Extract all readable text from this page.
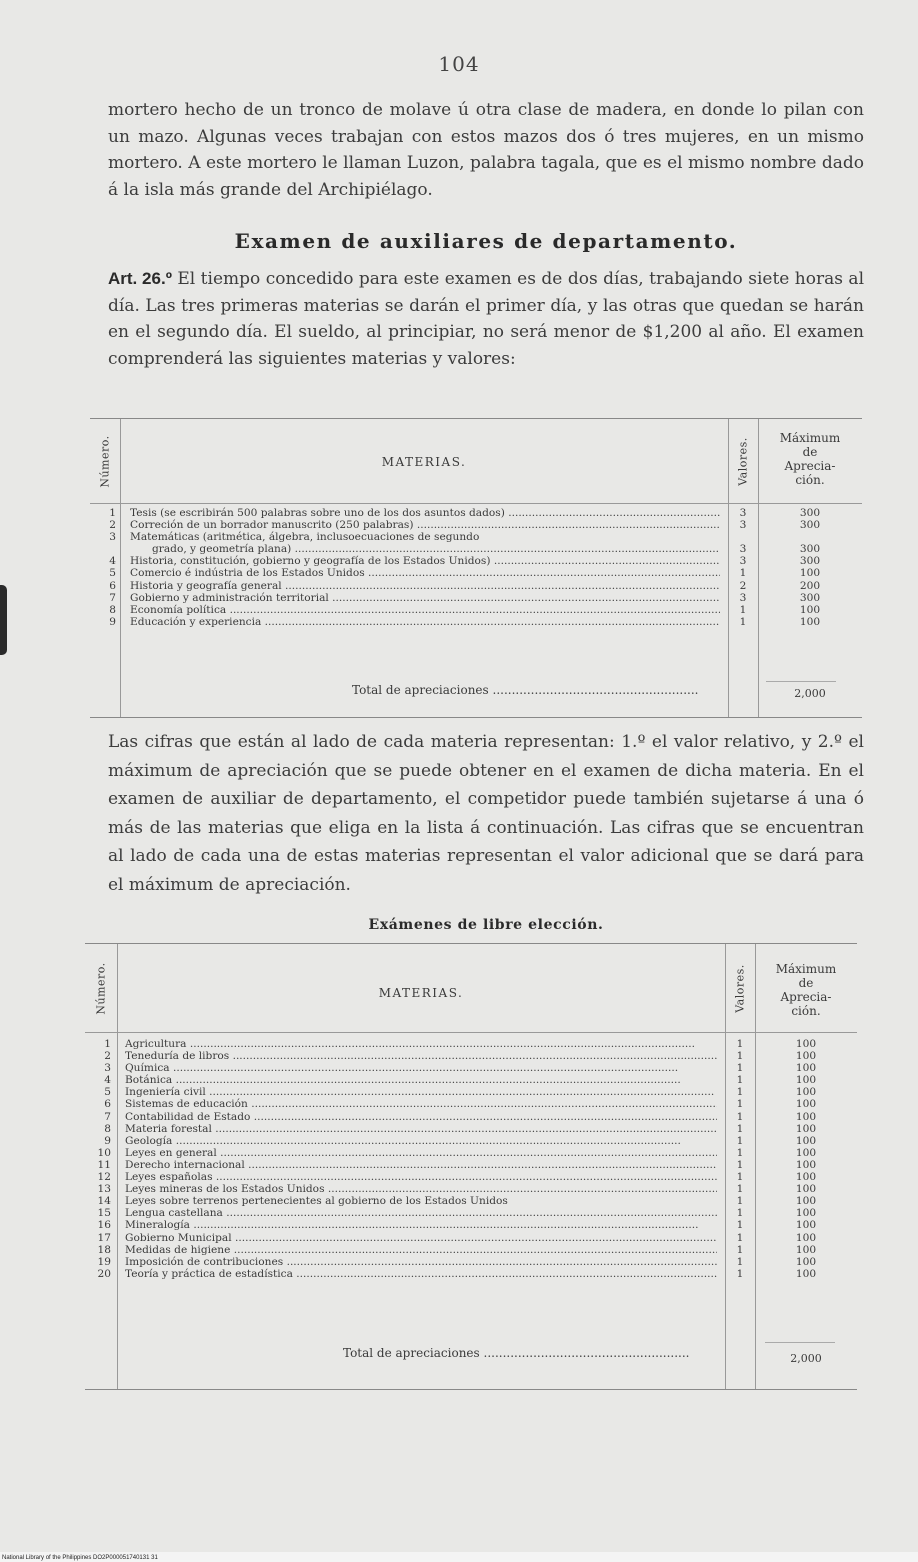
104
mortero hecho de un tronco de molave ú otra clase de madera, en donde lo pilan con un mazo. Algunas veces trabajan con estos mazos dos ó tres mujeres, en un mismo mortero. A este mortero le llaman Luzon, palabra tagala, que es el mismo nombre dado á la isla más grande del Archipiélago.
Examen de auxiliares de departamento.
Art. 26.º El tiempo concedido para este examen es de dos días, trabajando siete horas al día. Las tres primeras materias se darán el primer día, y las otras que quedan se harán en el segundo día. El sueldo, al principiar, no será menor de $1,200 al año. El examen comprenderá las siguientes materias y valores:
Número.	MATERIAS.	Valores.	Máximum
de
Aprecia-
ción.
1 Tesis (se escribirán 500 palabras sobre uno de los dos asuntos dados) .....	3	300
2 Correción de un borrador manuscrito (250 palabras) .....	3	300
3 Matemáticas (aritmética, álgebra, inclusoecuaciones de segundo
grado, y geometría plana) .....	3	300
4 Historia, constitución, gobierno y geografía de los Estados Unidos) .....	3	300
5 Comercio é indústria de los Estados Unidos .....	1	100
6 Historia y geografía general .....	2	200
7 Gobierno y administración territorial .....	3	300
8 Economía política .....	1	100
9 Educación y experiencia .....	1	100
Total de apreciaciones .....	2,000
Las cifras que están al lado de cada materia representan: 1.º el valor relativo, y 2.º el máximum de apreciación que se puede obtener en el examen de dicha materia. En el examen de auxiliar de departamento, el competidor puede también sujetarse á una ó más de las materias que eliga en la lista á continuación. Las cifras que se encuentran al lado de cada una de estas materias representan el valor adicional que se dará para el máximum de apreciación.
Exámenes de libre elección.
Número.	MATERIAS.	Valores.	Máximum
de
Aprecia-
ción.
1 Agricultura .....	1	100
2 Teneduría de libros .....	1	100
3 Química .....	1	100
4 Botánica .....	1	100
5 Ingeniería civil .....	1	100
6 Sistemas de educación .....	1	100
7 Contabilidad de Estado .....	1	100
8 Materia forestal .....	1	100
9 Geología .....	1	100
10 Leyes en general .....	1	100
11 Derecho internacional .....	1	100
12 Leyes españolas .....	1	100
13 Leyes mineras de los Estados Unidos .....	1	100
14 Leyes sobre terrenos pertenecientes al gobierno de los Estados Unidos	1	100
15 Lengua castellana .....	1	100
16 Mineralogía .....	1	100
17 Gobierno Municipal .....	1	100
18 Medidas de higiene .....	1	100
19 Imposición de contribuciones .....	1	100
20 Teoría y práctica de estadística .....	1	100
Total de apreciaciones .....	2,000
National Library of the Philippines DO2P000051740131 31
